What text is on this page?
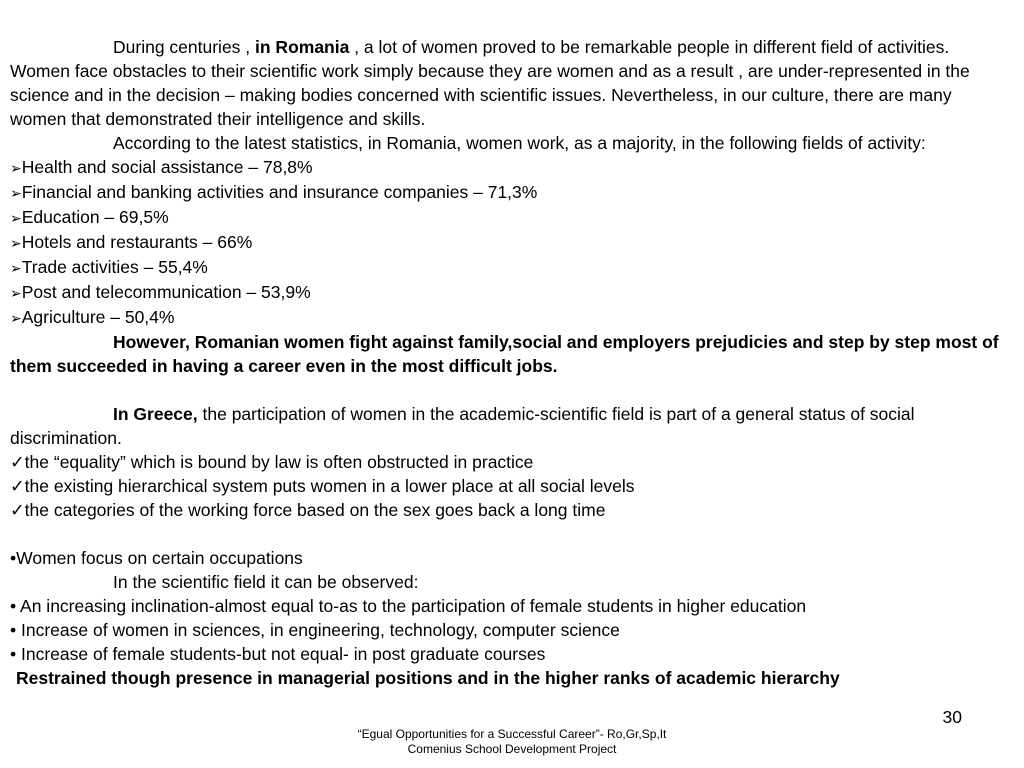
During centuries , in Romania , a lot of women proved to be remarkable people in different field of activities. Women face obstacles to their scientific work simply because they are women and as a result , are under-represented in the science and in the decision – making bodies concerned with scientific issues. Nevertheless, in our culture, there are many women that demonstrated their intelligence and skills.

According to the latest statistics, in Romania, women work, as a majority, in the following fields of activity:

➢Health and social assistance – 78,8%

➢Financial and banking activities and insurance companies – 71,3%

➢Education – 69,5%

➢Hotels and restaurants – 66%

➢Trade activities – 55,4%

➢Post and telecommunication – 53,9%

➢Agriculture – 50,4%

However, Romanian women fight against family,social and employers prejudicies and step by step most of them succeeded in having a career even in the most difficult jobs.

In Greece, the participation of women in the academic-scientific field is part of a general status of social discrimination.

✓the “equality” which is bound by law is often obstructed in practice

✓the existing hierarchical system puts women in a lower place at all social levels

✓the categories of the working force based on the sex goes back a long time

•Women focus on certain occupations

In the scientific field it can be observed:

• An increasing inclination-almost equal to-as to the participation of female students in higher education

• Increase of women in sciences, in engineering, technology, computer science

• Increase of female students-but not equal- in post graduate courses

Restrained though presence in managerial positions and in the higher ranks of academic hierarchy

30
“Egual Opportunities for a Successful Career”- Ro,Gr,Sp,It
Comenius School Development Project
